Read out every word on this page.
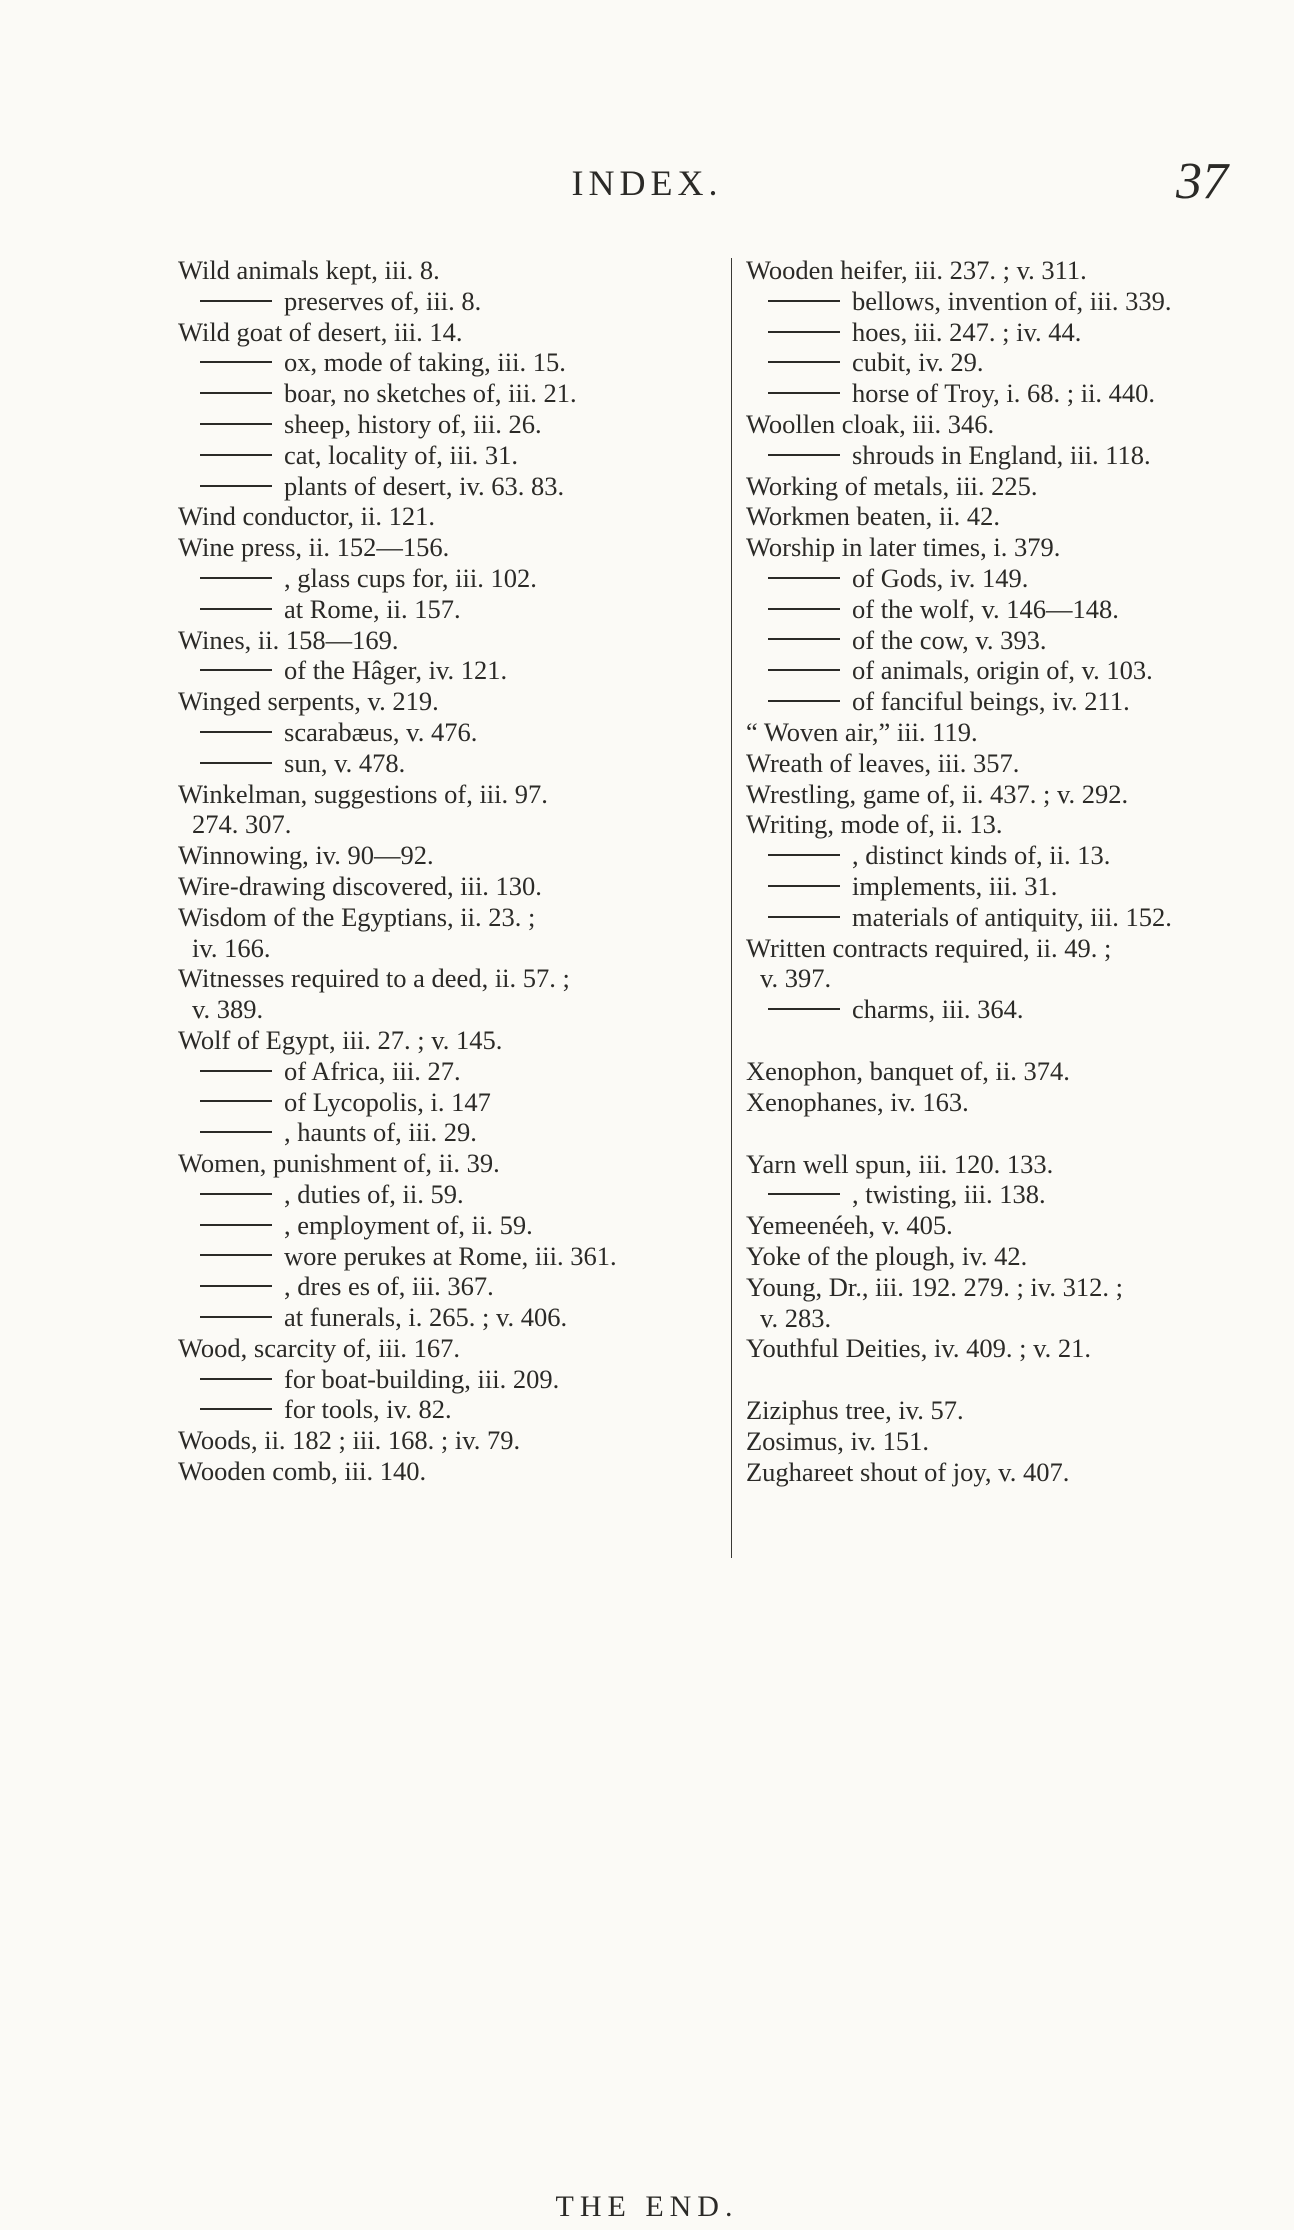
INDEX.	37
Wild animals kept, iii. 8.
preserves of, iii. 8.
Wild goat of desert, iii. 14.
ox, mode of taking, iii. 15.
boar, no sketches of, iii. 21.
sheep, history of, iii. 26.
cat, locality of, iii. 31.
plants of desert, iv. 63. 83.
Wind conductor, ii. 121.
Wine press, ii. 152—156.
, glass cups for, iii. 102.
at Rome, ii. 157.
Wines, ii. 158—169.
of the Hâger, iv. 121.
Winged serpents, v. 219.
scarabæus, v. 476.
sun, v. 478.
Winkelman, suggestions of, iii. 97.
274. 307.
Winnowing, iv. 90—92.
Wire-drawing discovered, iii. 130.
Wisdom of the Egyptians, ii. 23. ;
iv. 166.
Witnesses required to a deed, ii. 57. ;
v. 389.
Wolf of Egypt, iii. 27. ; v. 145.
of Africa, iii. 27.
of Lycopolis, i. 147
, haunts of, iii. 29.
Women, punishment of, ii. 39.
, duties of, ii. 59.
, employment of, ii. 59.
wore perukes at Rome, iii. 361.
, dres es of, iii. 367.
at funerals, i. 265. ; v. 406.
Wood, scarcity of, iii. 167.
for boat-building, iii. 209.
for tools, iv. 82.
Woods, ii. 182 ; iii. 168. ; iv. 79.
Wooden comb, iii. 140.
Wooden heifer, iii. 237. ; v. 311.
bellows, invention of, iii. 339.
hoes, iii. 247. ; iv. 44.
cubit, iv. 29.
horse of Troy, i. 68. ; ii. 440.
Woollen cloak, iii. 346.
shrouds in England, iii. 118.
Working of metals, iii. 225.
Workmen beaten, ii. 42.
Worship in later times, i. 379.
of Gods, iv. 149.
of the wolf, v. 146—148.
of the cow, v. 393.
of animals, origin of, v. 103.
of fanciful beings, iv. 211.
“ Woven air,” iii. 119.
Wreath of leaves, iii. 357.
Wrestling, game of, ii. 437. ; v. 292.
Writing, mode of, ii. 13.
, distinct kinds of, ii. 13.
implements, iii. 31.
materials of antiquity, iii. 152.
Written contracts required, ii. 49. ;
v. 397.
charms, iii. 364.
Xenophon, banquet of, ii. 374.
Xenophanes, iv. 163.
Yarn well spun, iii. 120. 133.
, twisting, iii. 138.
Yemeenéeh, v. 405.
Yoke of the plough, iv. 42.
Young, Dr., iii. 192. 279. ; iv. 312. ;
v. 283.
Youthful Deities, iv. 409. ; v. 21.
Ziziphus tree, iv. 57.
Zosimus, iv. 151.
Zughareet shout of joy, v. 407.
THE END.
